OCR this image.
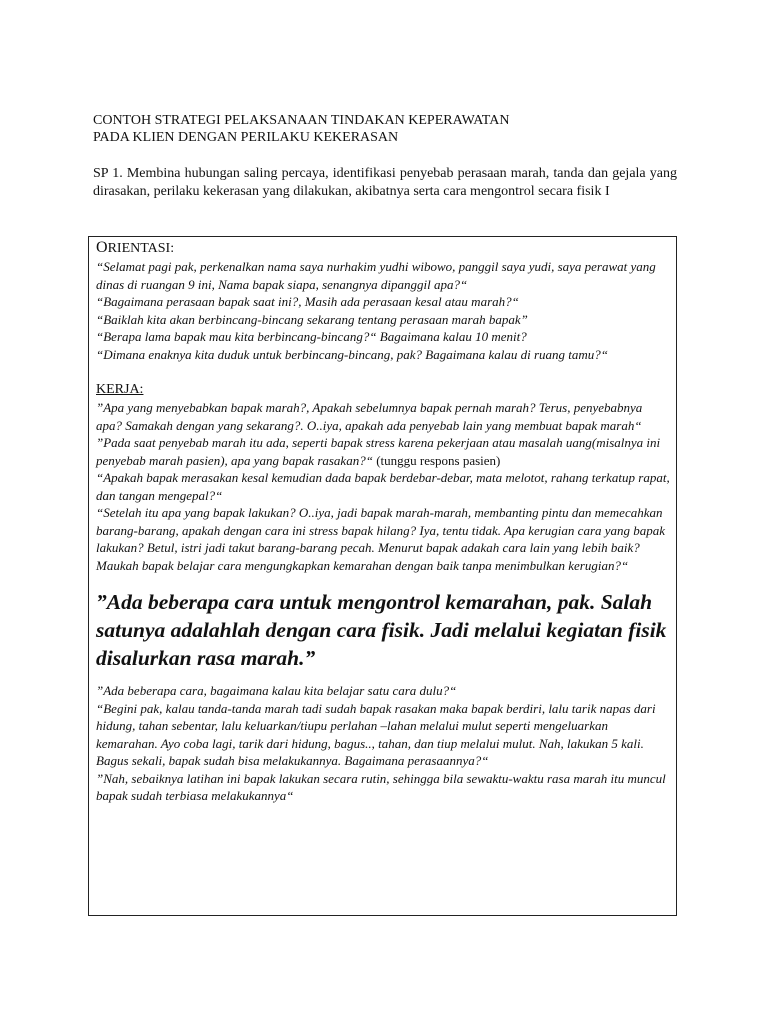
CONTOH STRATEGI PELAKSANAAN TINDAKAN KEPERAWATAN
PADA KLIEN DENGAN PERILAKU KEKERASAN

SP 1. Membina hubungan saling percaya, identifikasi penyebab perasaan marah, tanda dan gejala yang dirasakan, perilaku kekerasan yang dilakukan, akibatnya serta cara mengontrol secara fisik I

ORIENTASI:

“Selamat pagi pak, perkenalkan nama saya nurhakim yudhi wibowo, panggil saya yudi, saya perawat yang dinas di ruangan 9 ini, Nama bapak siapa, senangnya dipanggil apa?“

“Bagaimana perasaan bapak saat ini?, Masih ada perasaan kesal atau marah?“

“Baiklah kita akan berbincang-bincang sekarang tentang perasaan marah bapak”

“Berapa lama bapak mau kita berbincang-bincang?“ Bagaimana kalau 10 menit?

“Dimana enaknya kita duduk untuk berbincang-bincang, pak? Bagaimana kalau di ruang tamu?“

KERJA:

”Apa yang menyebabkan bapak marah?, Apakah sebelumnya bapak pernah marah? Terus, penyebabnya apa? Samakah dengan yang sekarang?. O..iya, apakah ada penyebab lain yang membuat bapak marah“

”Pada saat penyebab marah itu ada, seperti bapak stress karena pekerjaan atau masalah uang(misalnya ini penyebab marah pasien), apa yang bapak rasakan?“ (tunggu respons pasien)

“Apakah bapak merasakan kesal kemudian dada bapak berdebar-debar, mata melotot, rahang terkatup rapat, dan tangan mengepal?“

“Setelah itu apa yang bapak lakukan? O..iya, jadi bapak marah-marah, membanting pintu dan memecahkan barang-barang, apakah dengan cara ini stress bapak hilang? Iya, tentu tidak. Apa kerugian cara yang bapak lakukan? Betul, istri jadi takut barang-barang pecah. Menurut bapak adakah cara lain yang lebih baik? Maukah bapak belajar cara mengungkapkan kemarahan dengan baik tanpa menimbulkan kerugian?“

”Ada beberapa cara untuk mengontrol kemarahan, pak. Salah satunya adalahlah dengan cara fisik. Jadi melalui kegiatan fisik disalurkan rasa marah.”

”Ada beberapa cara, bagaimana kalau kita belajar satu cara dulu?“

“Begini pak, kalau tanda-tanda marah tadi sudah bapak rasakan maka bapak berdiri, lalu tarik napas dari hidung, tahan sebentar, lalu keluarkan/tiupu perlahan –lahan melalui mulut seperti mengeluarkan kemarahan. Ayo coba lagi, tarik dari hidung, bagus.., tahan, dan tiup melalui mulut. Nah, lakukan 5 kali. Bagus sekali, bapak sudah bisa melakukannya. Bagaimana perasaannya?“

”Nah, sebaiknya latihan ini bapak lakukan secara rutin, sehingga bila sewaktu-waktu rasa marah itu muncul bapak sudah terbiasa melakukannya“
